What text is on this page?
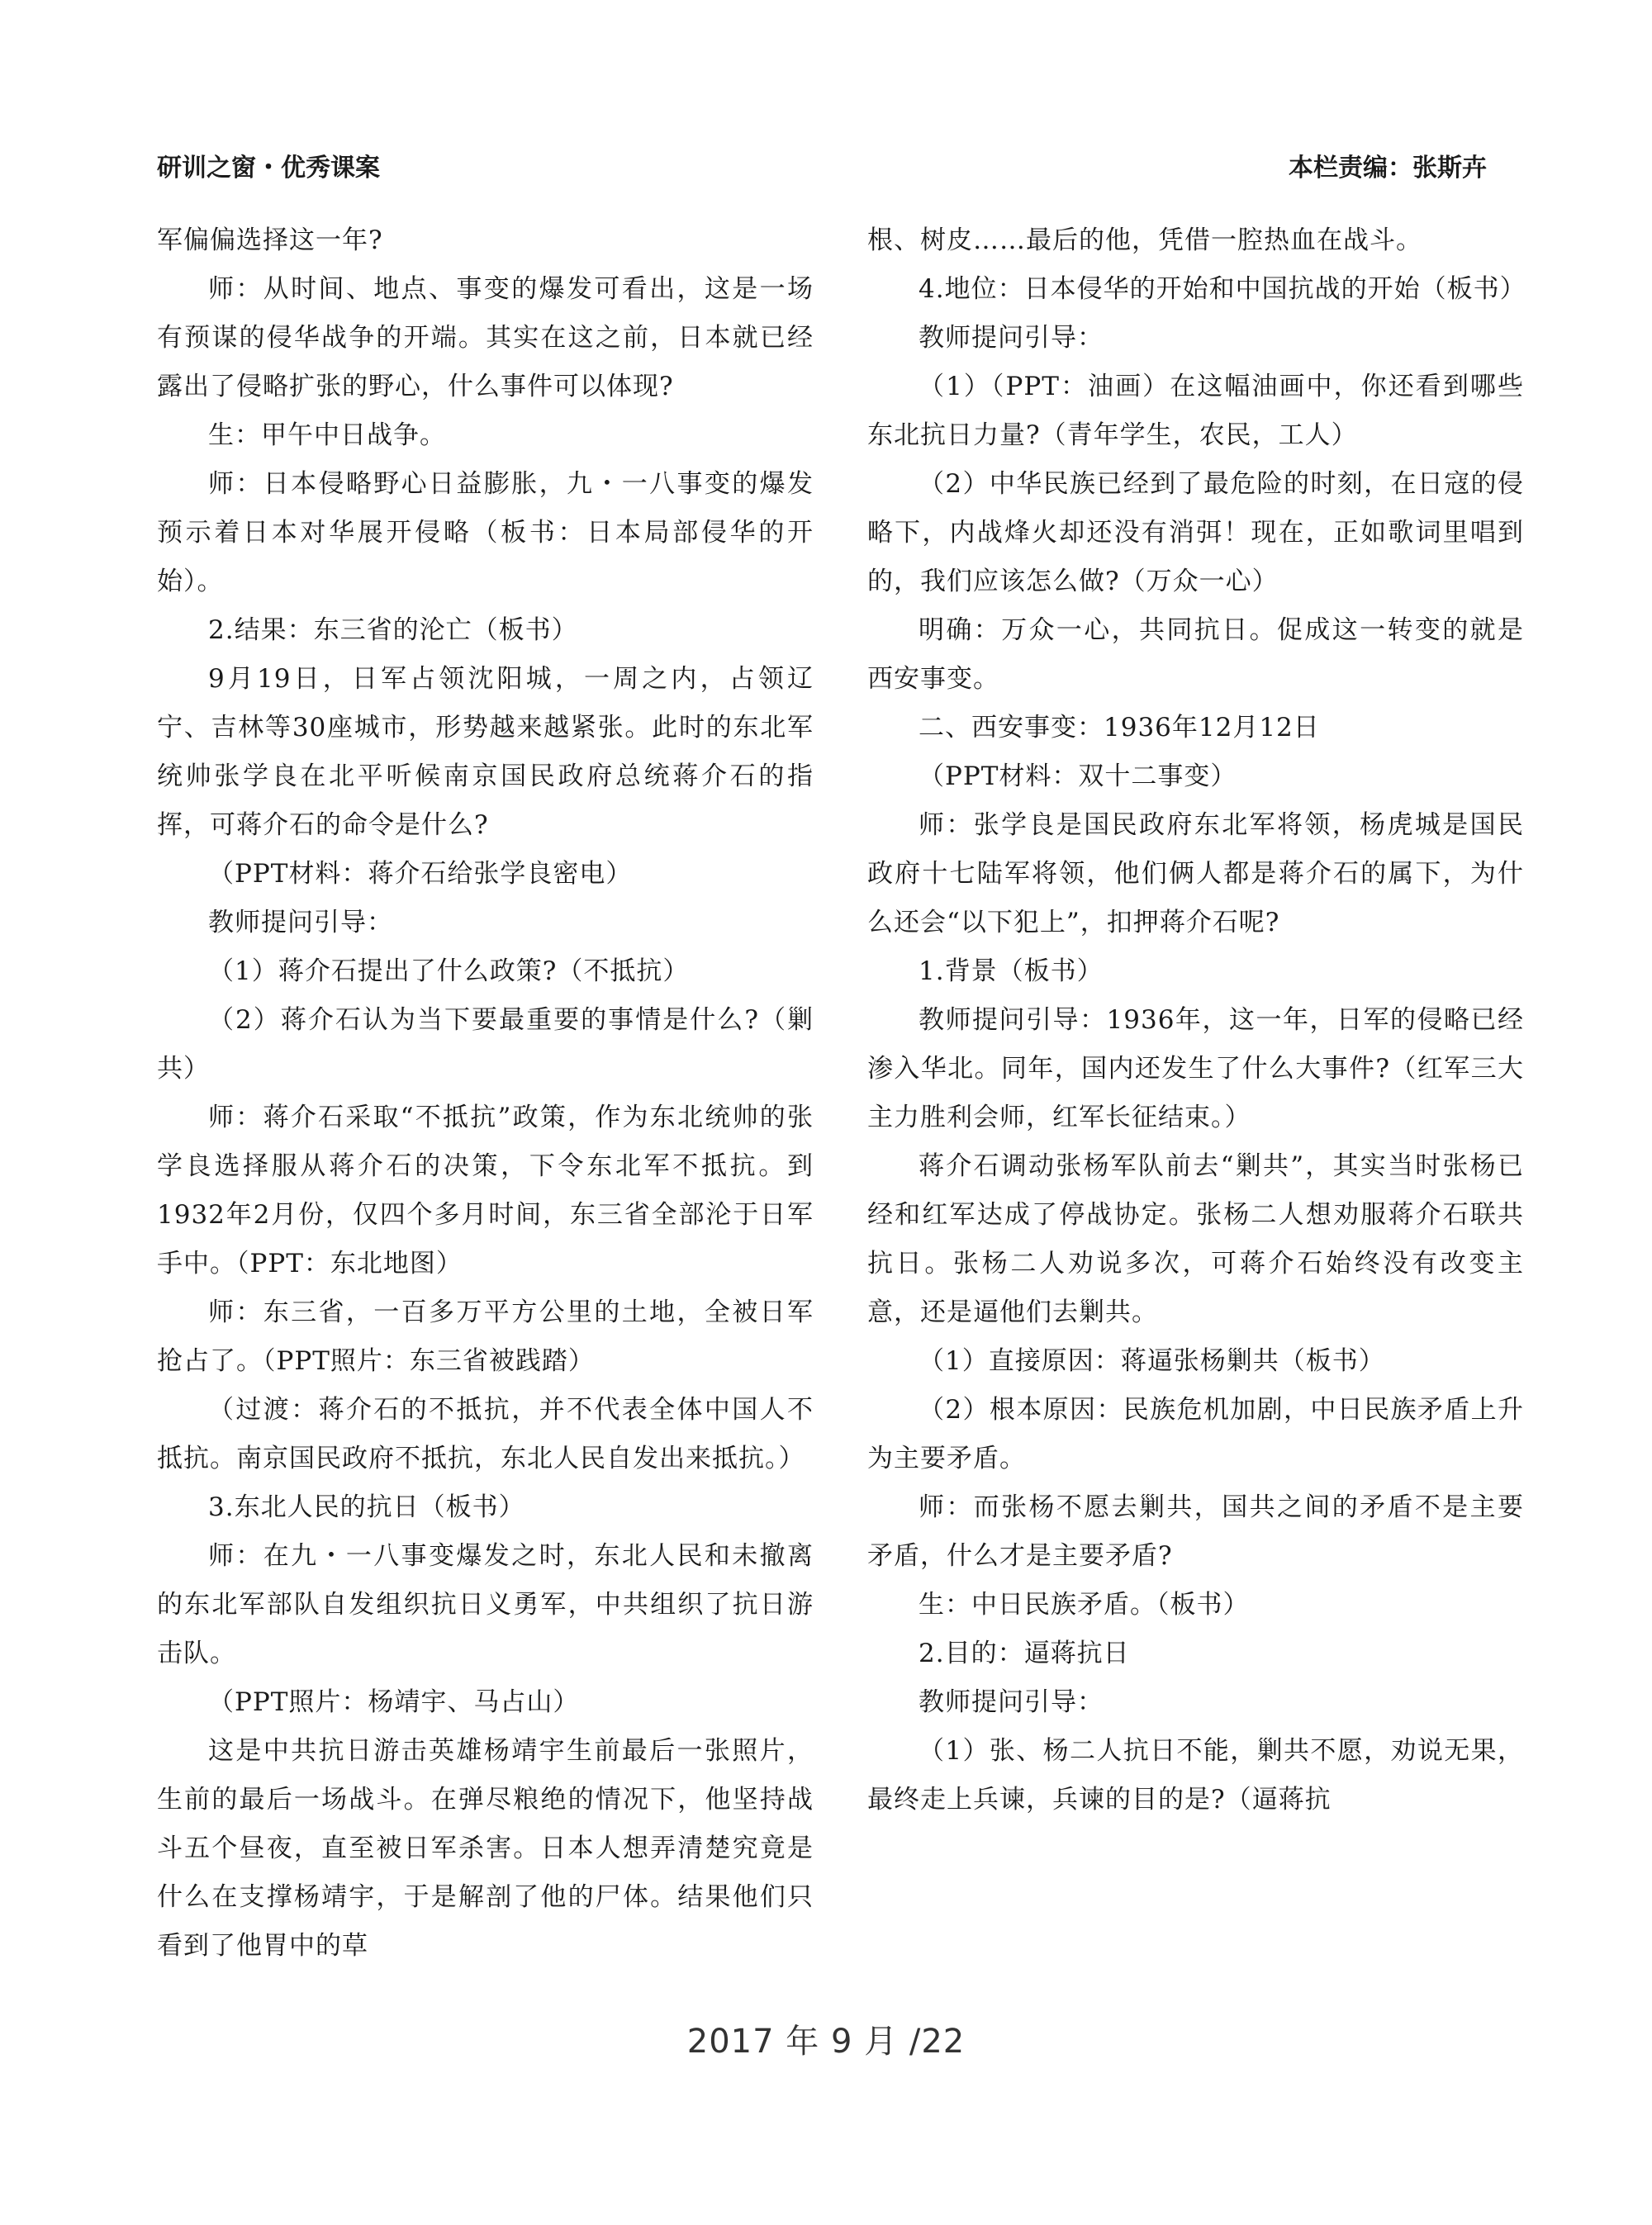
研训之窗・优秀课案	本栏责编：张斯卉

军偏偏选择这一年?

师：从时间、地点、事变的爆发可看出，这是一场有预谋的侵华战争的开端。其实在这之前，日本就已经露出了侵略扩张的野心，什么事件可以体现?

生：甲午中日战争。

师：日本侵略野心日益膨胀，九・一八事变的爆发预示着日本对华展开侵略（板书：日本局部侵华的开始）。

2.结果：东三省的沦亡（板书）

9月19日，日军占领沈阳城，一周之内，占领辽宁、吉林等30座城市，形势越来越紧张。此时的东北军统帅张学良在北平听候南京国民政府总统蒋介石的指挥，可蒋介石的命令是什么?

（PPT材料：蒋介石给张学良密电）

教师提问引导：

（1）蒋介石提出了什么政策?（不抵抗）

（2）蒋介石认为当下要最重要的事情是什么?（剿共）

师：蒋介石采取“不抵抗”政策，作为东北统帅的张学良选择服从蒋介石的决策，下令东北军不抵抗。到1932年2月份，仅四个多月时间，东三省全部沦于日军手中。（PPT：东北地图）

师：东三省，一百多万平方公里的土地，全被日军抢占了。（PPT照片：东三省被践踏）

（过渡：蒋介石的不抵抗，并不代表全体中国人不抵抗。南京国民政府不抵抗，东北人民自发出来抵抗。）

3.东北人民的抗日（板书）

师：在九・一八事变爆发之时，东北人民和未撤离的东北军部队自发组织抗日义勇军，中共组织了抗日游击队。

（PPT照片：杨靖宇、马占山）

这是中共抗日游击英雄杨靖宇生前最后一张照片，生前的最后一场战斗。在弹尽粮绝的情况下，他坚持战斗五个昼夜，直至被日军杀害。日本人想弄清楚究竟是什么在支撑杨靖宇，于是解剖了他的尸体。结果他们只看到了他胃中的草

根、树皮……最后的他，凭借一腔热血在战斗。

4.地位：日本侵华的开始和中国抗战的开始（板书）

教师提问引导：

（1）（PPT：油画）在这幅油画中，你还看到哪些东北抗日力量?（青年学生，农民，工人）

（2）中华民族已经到了最危险的时刻，在日寇的侵略下，内战烽火却还没有消弭！现在，正如歌词里唱到的，我们应该怎么做?（万众一心）

明确：万众一心，共同抗日。促成这一转变的就是西安事变。

二、西安事变：1936年12月12日

（PPT材料：双十二事变）

师：张学良是国民政府东北军将领，杨虎城是国民政府十七陆军将领，他们俩人都是蒋介石的属下，为什么还会“以下犯上”，扣押蒋介石呢?

1.背景（板书）

教师提问引导：1936年，这一年，日军的侵略已经渗入华北。同年，国内还发生了什么大事件?（红军三大主力胜利会师，红军长征结束。）

蒋介石调动张杨军队前去“剿共”，其实当时张杨已经和红军达成了停战协定。张杨二人想劝服蒋介石联共抗日。张杨二人劝说多次，可蒋介石始终没有改变主意，还是逼他们去剿共。

（1）直接原因：蒋逼张杨剿共（板书）

（2）根本原因：民族危机加剧，中日民族矛盾上升为主要矛盾。

师：而张杨不愿去剿共，国共之间的矛盾不是主要矛盾，什么才是主要矛盾?

生：中日民族矛盾。（板书）

2.目的：逼蒋抗日

教师提问引导：

（1）张、杨二人抗日不能，剿共不愿，劝说无果，最终走上兵谏，兵谏的目的是?（逼蒋抗

2017 年 9 月 /22
